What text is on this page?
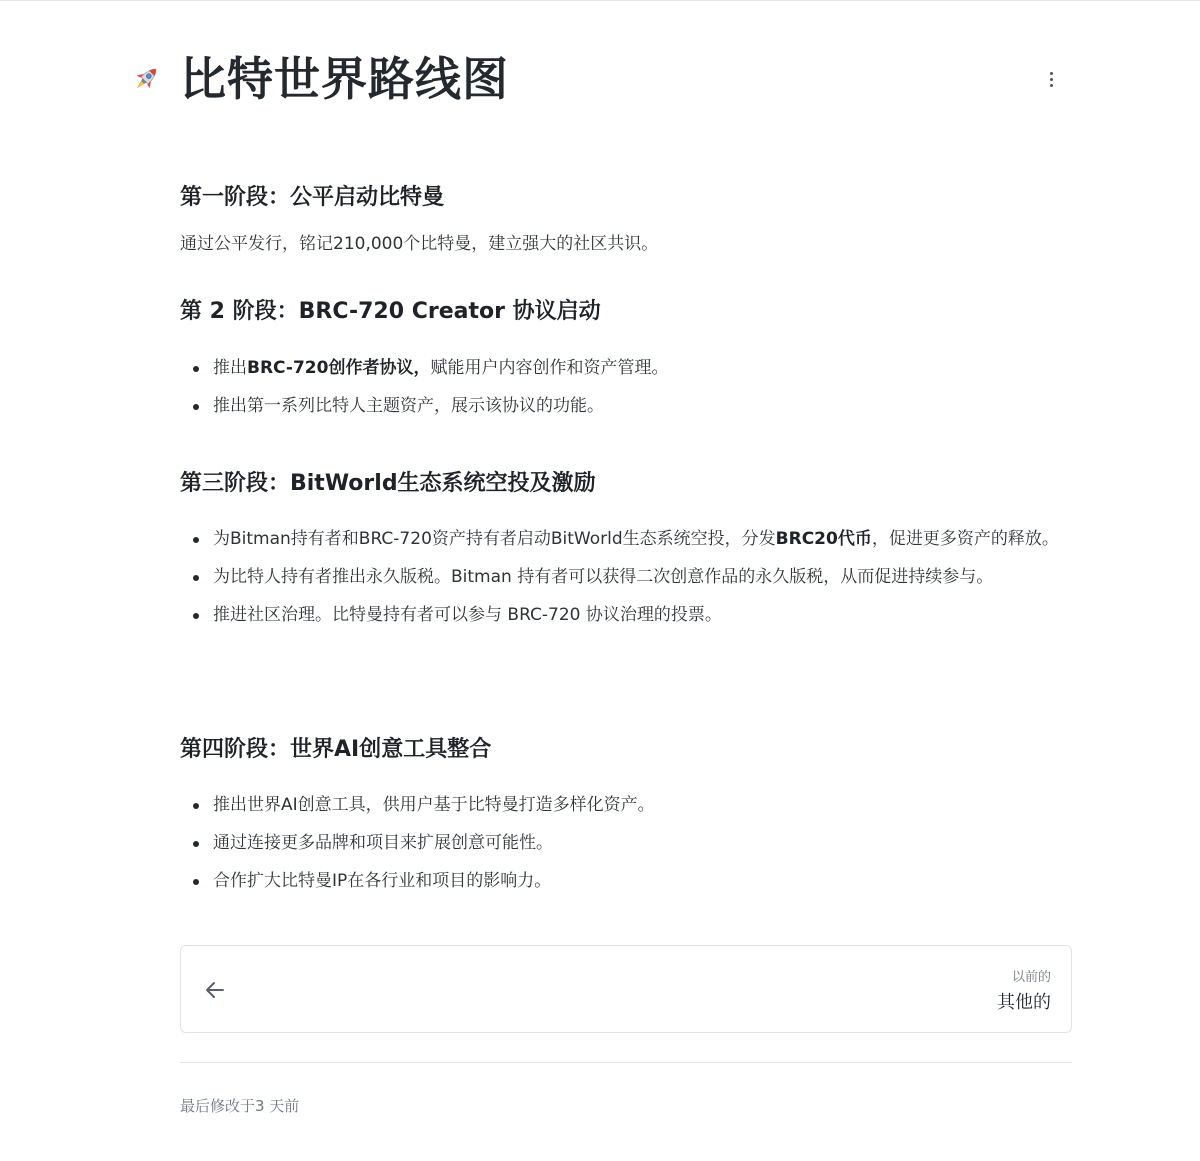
比特世界路线图
第一阶段：公平启动比特曼

通过公平发行，铭记210,000个比特曼，建立强大的社区共识。

第 2 阶段：BRC-720 Creator 协议启动
推出BRC-720创作者协议，赋能用户内容创作和资产管理。
推出第一系列比特人主题资产，展示该协议的功能。
第三阶段：BitWorld生态系统空投及激励
为Bitman持有者和BRC-720资产持有者启动BitWorld生态系统空投，分发BRC20代币，促进更多资产的释放。
为比特人持有者推出永久版税。Bitman 持有者可以获得二次创意作品的永久版税，从而促进持续参与。
推进社区治理。比特曼持有者可以参与 BRC-720 协议治理的投票。
第四阶段：世界AI创意工具整合
推出世界AI创意工具，供用户基于比特曼打造多样化资产。
通过连接更多品牌和项目来扩展创意可能性。
合作扩大比特曼IP在各行业和项目的影响力。
以前的
其他的
最后修改于3 天前
